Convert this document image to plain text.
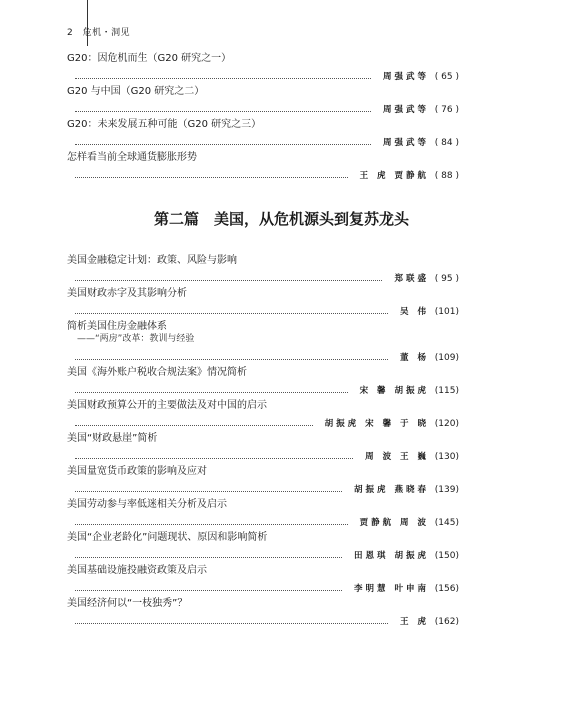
2 危机・洞见
G20：因危机而生（G20 研究之一）
( 65 )
周强武等
G20 与中国（G20 研究之二）
( 76 )
周强武等
G20：未来发展五种可能（G20 研究之三）
( 84 )
周强武等
怎样看当前全球通货膨胀形势
( 88 )
王 虎 贾静航
第二篇　美国，从危机源头到复苏龙头
美国金融稳定计划：政策、风险与影响
( 95 )
郑联盛
美国财政赤字及其影响分析
(101)
吴 伟
简析美国住房金融体系
——“两房”改革：教训与经验
(109)
董 杨
美国《海外账户税收合规法案》情况简析
(115)
宋 馨 胡振虎
美国财政预算公开的主要做法及对中国的启示
(120)
胡振虎 宋 馨 于 晓
美国“财政悬崖”简析
(130)
周 波 王 巍
美国量宽货币政策的影响及应对
(139)
胡振虎 燕晓春
美国劳动参与率低迷相关分析及启示
(145)
贾静航 周 波
美国“企业老龄化”问题现状、原因和影响简析
(150)
田恩琪 胡振虎
美国基础设施投融资政策及启示
(156)
李明慧 叶申南
美国经济何以“一枝独秀”？
(162)
王 虎
